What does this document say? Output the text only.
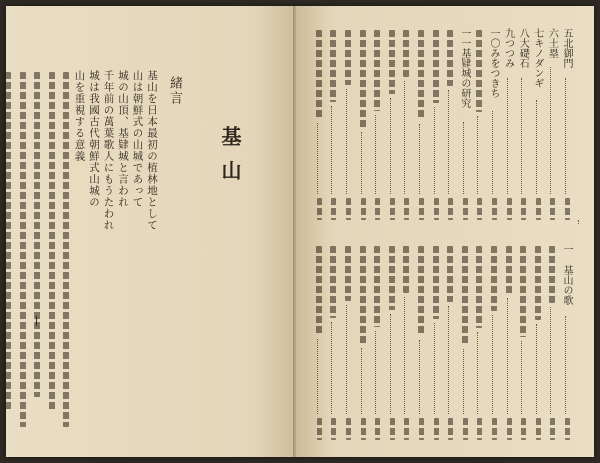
基山
緒言
基山を日本最初の植林地として
山は朝鮮式の山城であって
城の山頂、基肄城と言われ
千年前の萬葉歌人にもうたわれ
城は我國古代朝鮮式山城の
山を重視する意義
五北御門
六土塁
七キノダンギ
八大礎石
九つつみ
一〇みをつきち
一一基肄城の研究
一 基山の歌
